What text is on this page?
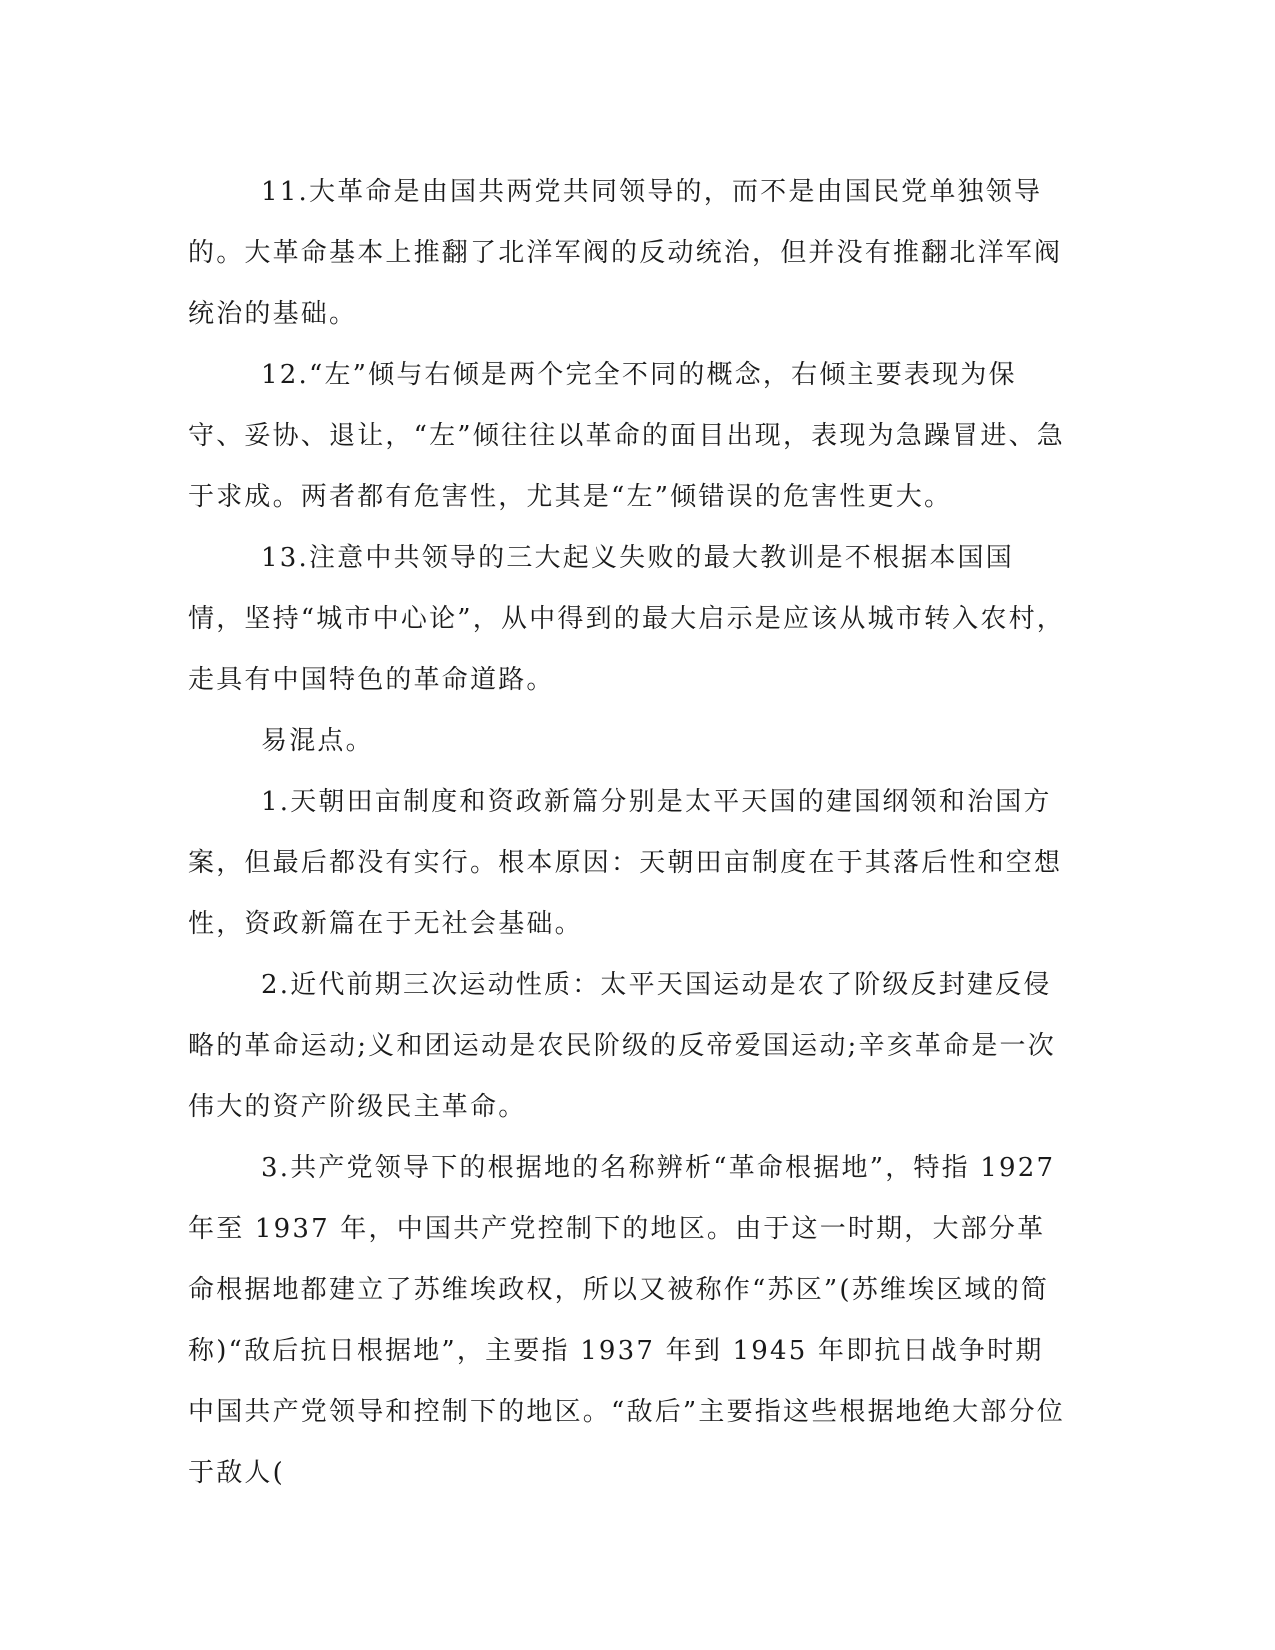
11.大革命是由国共两党共同领导的，而不是由国民党单独领导的。大革命基本上推翻了北洋军阀的反动统治，但并没有推翻北洋军阀统治的基础。

12.“左”倾与右倾是两个完全不同的概念，右倾主要表现为保守、妥协、退让，“左”倾往往以革命的面目出现，表现为急躁冒进、急于求成。两者都有危害性，尤其是“左”倾错误的危害性更大。

13.注意中共领导的三大起义失败的最大教训是不根据本国国情，坚持“城市中心论”，从中得到的最大启示是应该从城市转入农村，走具有中国特色的革命道路。

易混点。

1.天朝田亩制度和资政新篇分别是太平天国的建国纲领和治国方案，但最后都没有实行。根本原因：天朝田亩制度在于其落后性和空想性，资政新篇在于无社会基础。

2.近代前期三次运动性质：太平天国运动是农了阶级反封建反侵略的革命运动;义和团运动是农民阶级的反帝爱国运动;辛亥革命是一次伟大的资产阶级民主革命。

3.共产党领导下的根据地的名称辨析“革命根据地”，特指 1927 年至 1937 年，中国共产党控制下的地区。由于这一时期，大部分革命根据地都建立了苏维埃政权，所以又被称作“苏区”(苏维埃区域的简称)“敌后抗日根据地”，主要指 1937 年到 1945 年即抗日战争时期中国共产党领导和控制下的地区。“敌后”主要指这些根据地绝大部分位于敌人(
